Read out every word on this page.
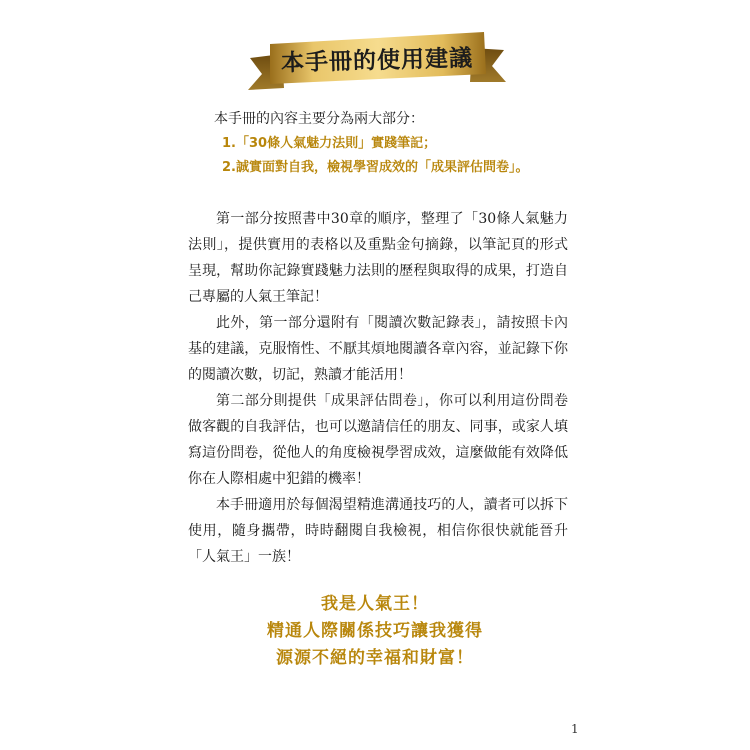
本手冊的使用建議
本手冊的內容主要分為兩大部分：
1.「30條人氣魅力法則」實踐筆記；
2.誠實面對自我，檢視學習成效的「成果評估問卷」。

第一部分按照書中30章的順序，整理了「30條人氣魅力法則」，提供實用的表格以及重點金句摘錄，以筆記頁的形式呈現，幫助你記錄實踐魅力法則的歷程與取得的成果，打造自己專屬的人氣王筆記！

此外，第一部分還附有「閱讀次數記錄表」，請按照卡內基的建議，克服惰性、不厭其煩地閱讀各章內容，並記錄下你的閱讀次數，切記，熟讀才能活用！

第二部分則提供「成果評估問卷」，你可以利用這份問卷做客觀的自我評估，也可以邀請信任的朋友、同事，或家人填寫這份問卷，從他人的角度檢視學習成效，這麼做能有效降低你在人際相處中犯錯的機率！

本手冊適用於每個渴望精進溝通技巧的人，讀者可以拆下使用，隨身攜帶，時時翻閱自我檢視，相信你很快就能晉升「人氣王」一族！

我是人氣王！
精通人際關係技巧讓我獲得
源源不絕的幸福和財富！
1
